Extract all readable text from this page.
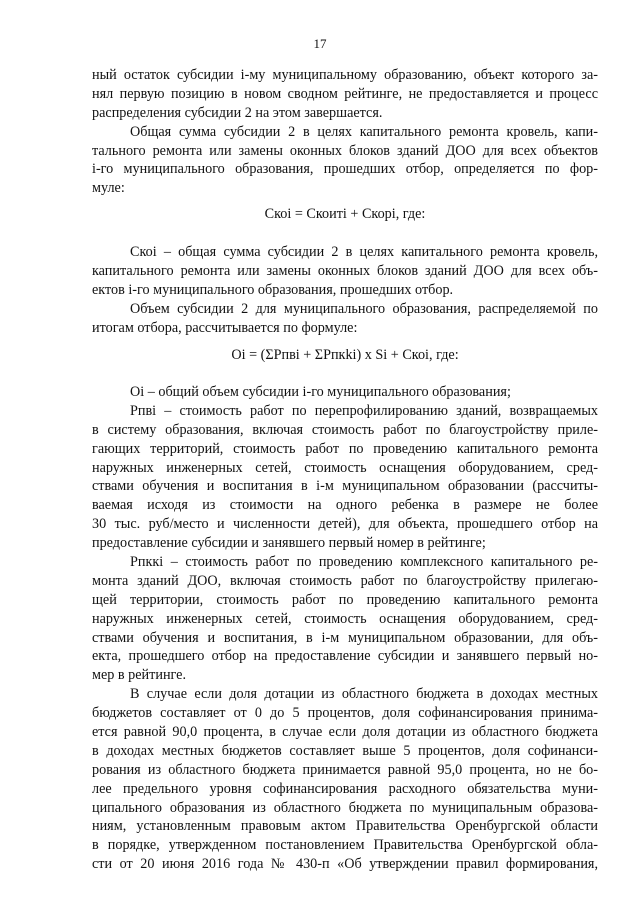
17
ный остаток субсидии i-му муниципальному образованию, объект которого за-
нял первую позицию в новом сводном рейтинге, не предоставляется и процесс
распределения субсидии 2 на этом завершается.
Общая сумма субсидии 2 в целях капитального ремонта кровель, капи-
тального ремонта или замены оконных блоков зданий ДОО для всех объектов
i-го муниципального образования, прошедших отбор, определяется по фор-
муле:
Скоi = Скоитi + Скорi, где:
Скоi – общая сумма субсидии 2 в целях капитального ремонта кровель,
капитального ремонта или замены оконных блоков зданий ДОО для всех объ-
ектов i-го муниципального образования, прошедших отбор.
Объем субсидии 2 для муниципального образования, распределяемой по
итогам отбора, рассчитывается по формуле:
Оi = (ΣРпвi + ΣРпкki) х Si + Скоi, где:
Оi – общий объем субсидии i-го муниципального образования;
Рпвi – стоимость работ по перепрофилированию зданий, возвращаемых
в систему образования, включая стоимость работ по благоустройству приле-
гающих территорий, стоимость работ по проведению капитального ремонта
наружных инженерных сетей, стоимость оснащения оборудованием, сред-
ствами обучения и воспитания в i-м муниципальном образовании (рассчиты-
ваемая исходя из стоимости на одного ребенка в размере не более
30 тыс. руб/место и численности детей), для объекта, прошедшего отбор на
предоставление субсидии и занявшего первый номер в рейтинге;
Рпккi – стоимость работ по проведению комплексного капитального ре-
монта зданий ДОО, включая стоимость работ по благоустройству прилегаю-
щей территории, стоимость работ по проведению капитального ремонта
наружных инженерных сетей, стоимость оснащения оборудованием, сред-
ствами обучения и воспитания, в i-м муниципальном образовании, для объ-
екта, прошедшего отбор на предоставление субсидии и занявшего первый но-
мер в рейтинге.
В случае если доля дотации из областного бюджета в доходах местных
бюджетов составляет от 0 до 5 процентов, доля софинансирования принима-
ется равной 90,0 процента, в случае если доля дотации из областного бюджета
в доходах местных бюджетов составляет выше 5 процентов, доля софинанси-
рования из областного бюджета принимается равной 95,0 процента, но не бо-
лее предельного уровня софинансирования расходного обязательства муни-
ципального образования из областного бюджета по муниципальным образова-
ниям, установленным правовым актом Правительства Оренбургской области
в порядке, утвержденном постановлением Правительства Оренбургской обла-
сти от 20 июня 2016 года № 430-п «Об утверждении правил формирования,
